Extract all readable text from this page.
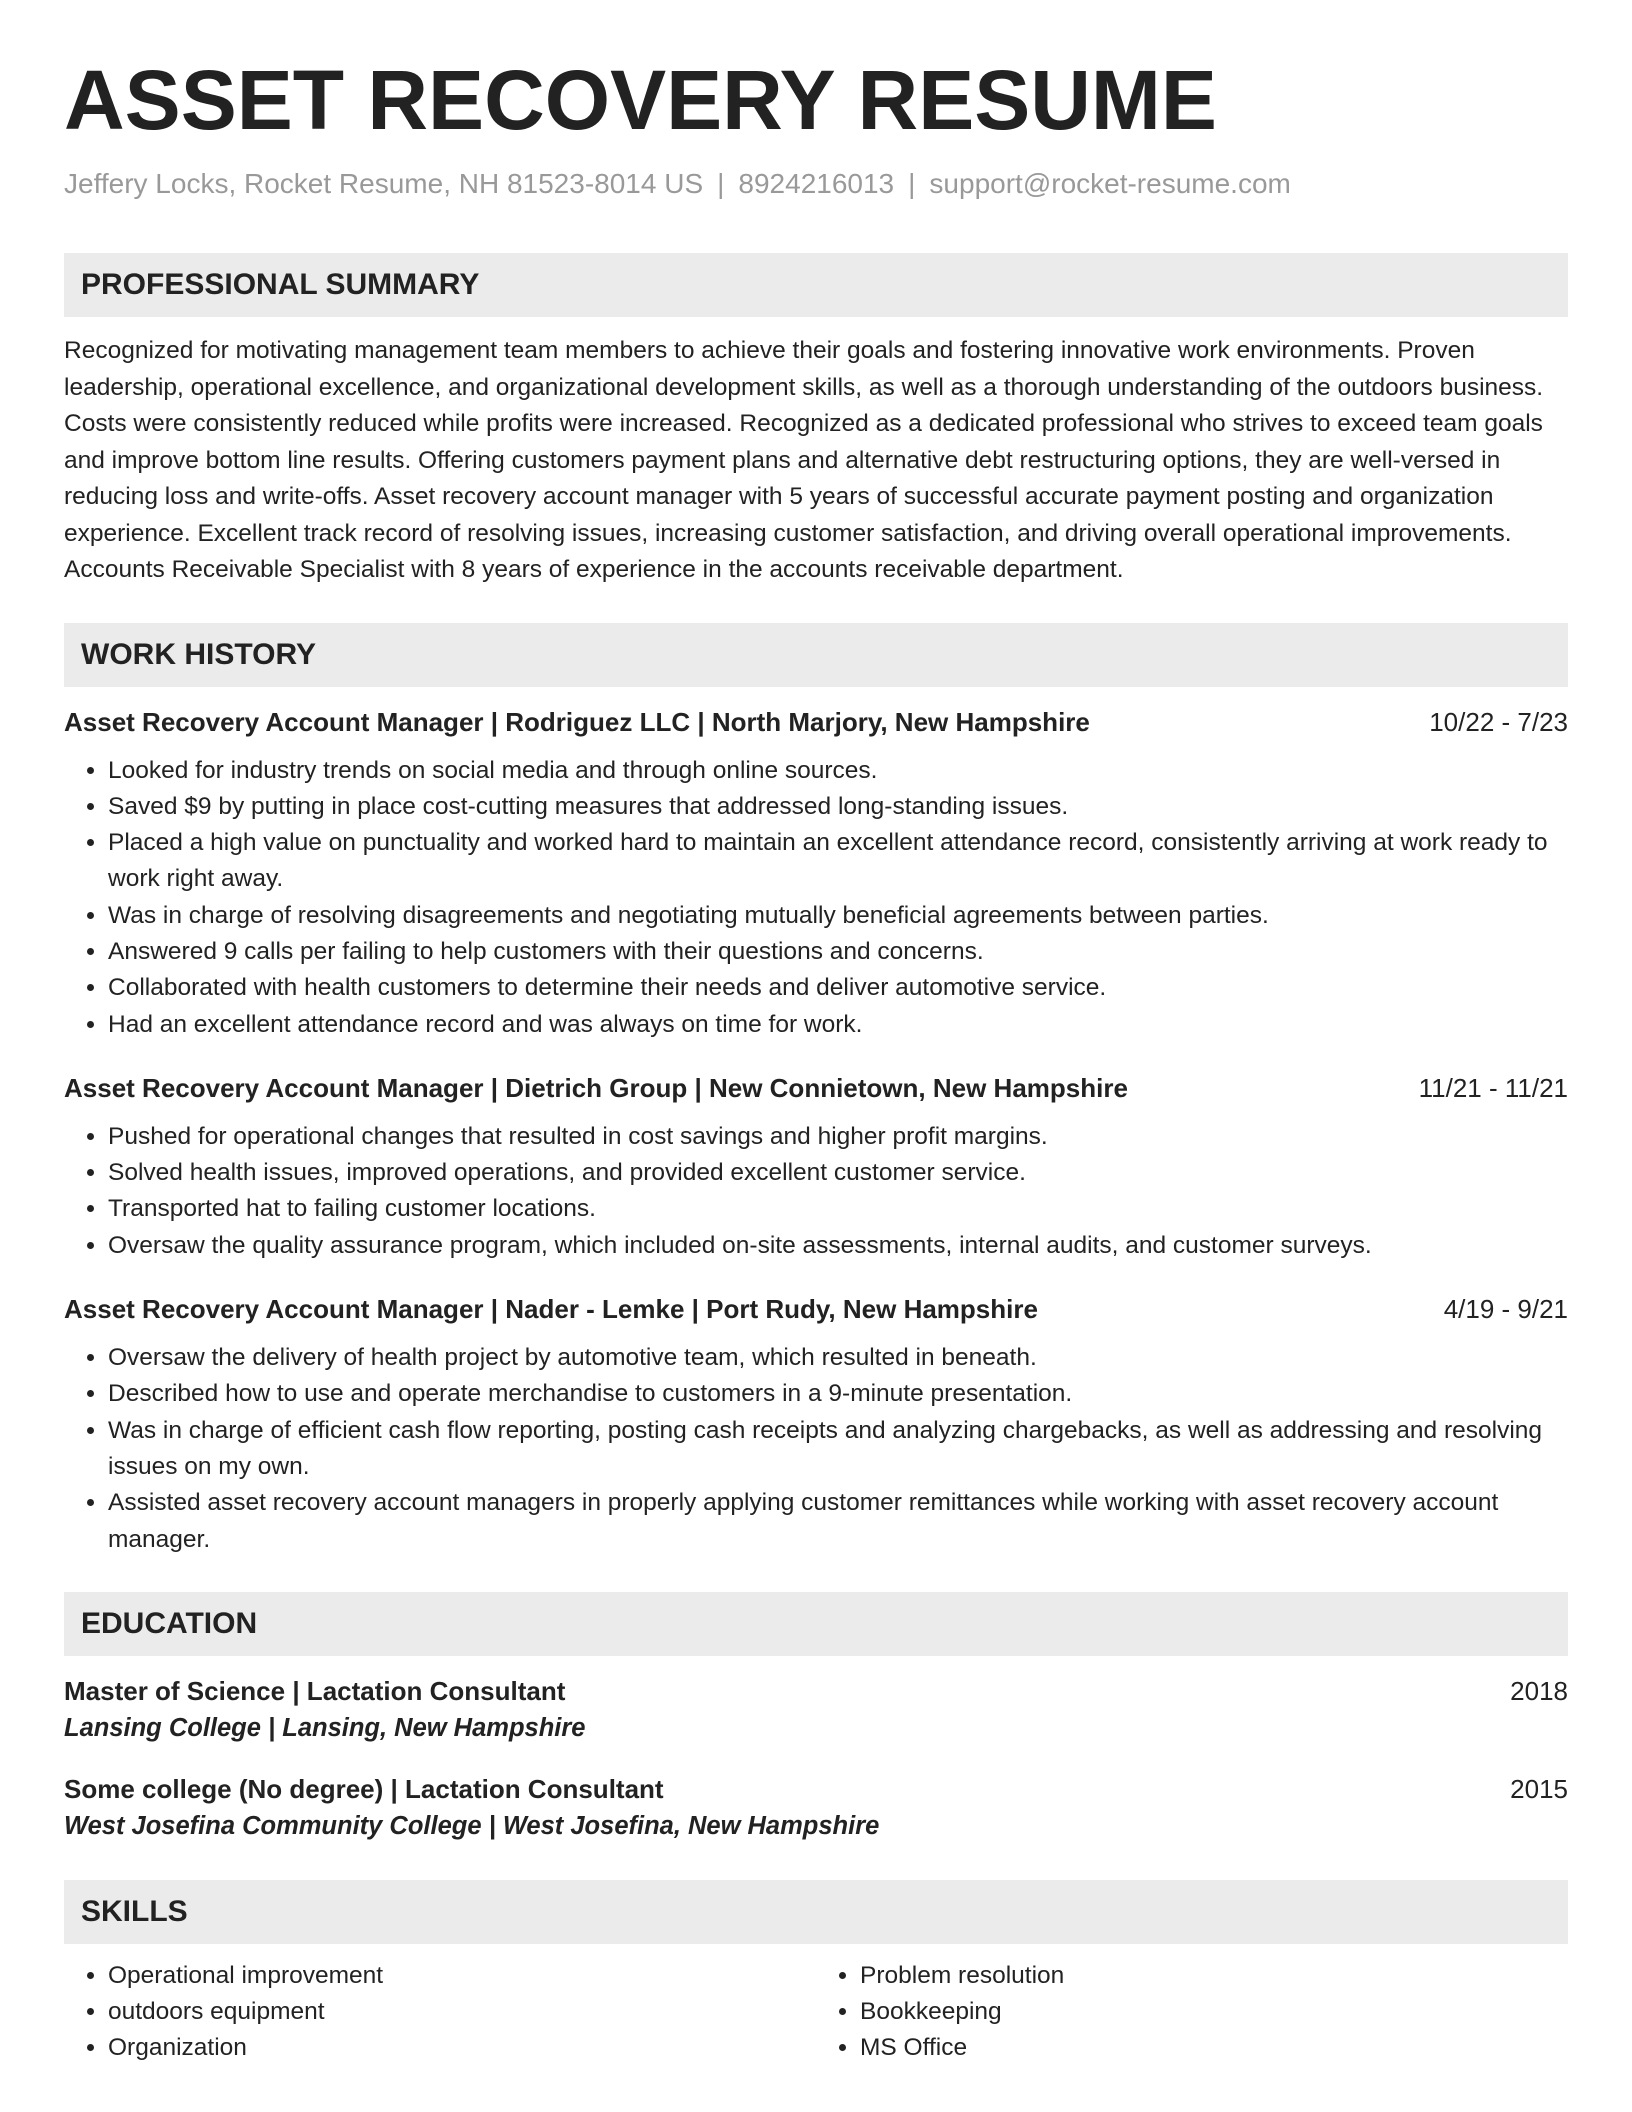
ASSET RECOVERY RESUME
Jeffery Locks, Rocket Resume, NH 81523-8014 US | 8924216013 | support@rocket-resume.com
PROFESSIONAL SUMMARY
Recognized for motivating management team members to achieve their goals and fostering innovative work environments. Proven leadership, operational excellence, and organizational development skills, as well as a thorough understanding of the outdoors business. Costs were consistently reduced while profits were increased. Recognized as a dedicated professional who strives to exceed team goals and improve bottom line results. Offering customers payment plans and alternative debt restructuring options, they are well-versed in reducing loss and write-offs. Asset recovery account manager with 5 years of successful accurate payment posting and organization experience. Excellent track record of resolving issues, increasing customer satisfaction, and driving overall operational improvements. Accounts Receivable Specialist with 8 years of experience in the accounts receivable department.
WORK HISTORY
Asset Recovery Account Manager | Rodriguez LLC | North Marjory, New Hampshire	10/22 - 7/23
• Looked for industry trends on social media and through online sources.
• Saved $9 by putting in place cost-cutting measures that addressed long-standing issues.
• Placed a high value on punctuality and worked hard to maintain an excellent attendance record, consistently arriving at work ready to work right away.
• Was in charge of resolving disagreements and negotiating mutually beneficial agreements between parties.
• Answered 9 calls per failing to help customers with their questions and concerns.
• Collaborated with health customers to determine their needs and deliver automotive service.
• Had an excellent attendance record and was always on time for work.
Asset Recovery Account Manager | Dietrich Group | New Connietown, New Hampshire	11/21 - 11/21
• Pushed for operational changes that resulted in cost savings and higher profit margins.
• Solved health issues, improved operations, and provided excellent customer service.
• Transported hat to failing customer locations.
• Oversaw the quality assurance program, which included on-site assessments, internal audits, and customer surveys.
Asset Recovery Account Manager | Nader - Lemke | Port Rudy, New Hampshire	4/19 - 9/21
• Oversaw the delivery of health project by automotive team, which resulted in beneath.
• Described how to use and operate merchandise to customers in a 9-minute presentation.
• Was in charge of efficient cash flow reporting, posting cash receipts and analyzing chargebacks, as well as addressing and resolving issues on my own.
• Assisted asset recovery account managers in properly applying customer remittances while working with asset recovery account manager.
EDUCATION
Master of Science | Lactation Consultant	2018
Lansing College | Lansing, New Hampshire
Some college (No degree) | Lactation Consultant	2015
West Josefina Community College | West Josefina, New Hampshire
SKILLS
• Operational improvement
• outdoors equipment
• Organization
• Problem resolution
• Bookkeeping
• MS Office
